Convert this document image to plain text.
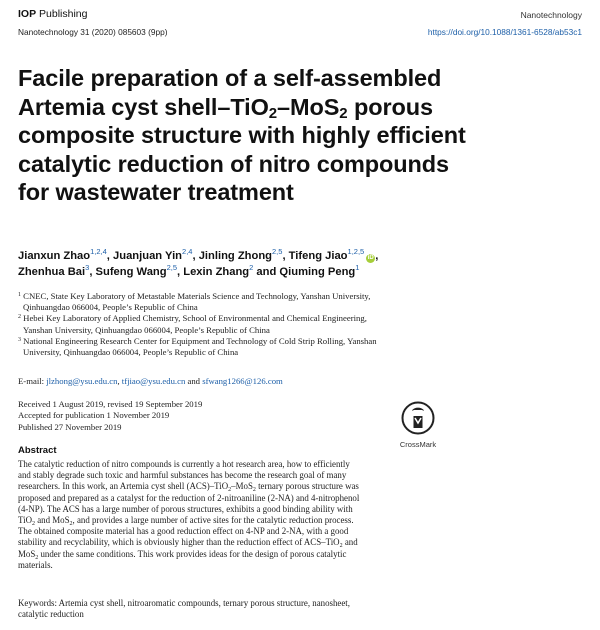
IOP Publishing	Nanotechnology
Nanotechnology 31 (2020) 085603 (9pp)	https://doi.org/10.1088/1361-6528/ab53c1
Facile preparation of a self-assembled
Artemia cyst shell–TiO$_2$–MoS$_2$ porous
composite structure with highly efficient
catalytic reduction of nitro compounds
for wastewater treatment
Jianxun Zhao$^{1,2,4}$, Juanjuan Yin$^{2,4}$, Jinling Zhong$^{2,5}$, Tifeng Jiao$^{1,2,5}$iD ,
Zhenhua Bai$^3$, Sufeng Wang$^{2,5}$, Lexin Zhang$^2$ and Qiuming Peng$^1$
$^1$ CNEC, State Key Laboratory of Metastable Materials Science and Technology, Yanshan University,
Qinhuangdao 066004, People’s Republic of China
$^2$ Hebei Key Laboratory of Applied Chemistry, School of Environmental and Chemical Engineering,
Yanshan University, Qinhuangdao 066004, People’s Republic of China
$^3$ National Engineering Research Center for Equipment and Technology of Cold Strip Rolling, Yanshan
University, Qinhuangdao 066004, People’s Republic of China
E-mail: jlzhong@ysu.edu.cn, tfjiao@ysu.edu.cn and sfwang1266@126.com
Received 1 August 2019, revised 19 September 2019
Accepted for publication 1 November 2019
Published 27 November 2019
CrossMark
Abstract
The catalytic reduction of nitro compounds is currently a hot research area, how to efficiently
and stably degrade such toxic and harmful substances has become the research goal of many
researchers. In this work, an Artemia cyst shell (ACS)–TiO$_2$–MoS$_2$ ternary porous structure was
proposed and prepared as a catalyst for the reduction of 2-nitroaniline (2-NA) and 4-nitrophenol
(4-NP). The ACS has a large number of porous structures, exhibits a good binding ability with
TiO$_2$ and MoS$_2$, and provides a large number of active sites for the catalytic reduction process.
The obtained composite material has a good reduction effect on 4-NP and 2-NA, with a good
stability and recyclability, which is obviously higher than the reduction effect of ACS–TiO$_2$ and
MoS$_2$ under the same conditions. This work provides ideas for the design of porous catalytic
materials.
Keywords: Artemia cyst shell, nitroaromatic compounds, ternary porous structure, nanosheet,
catalytic reduction
